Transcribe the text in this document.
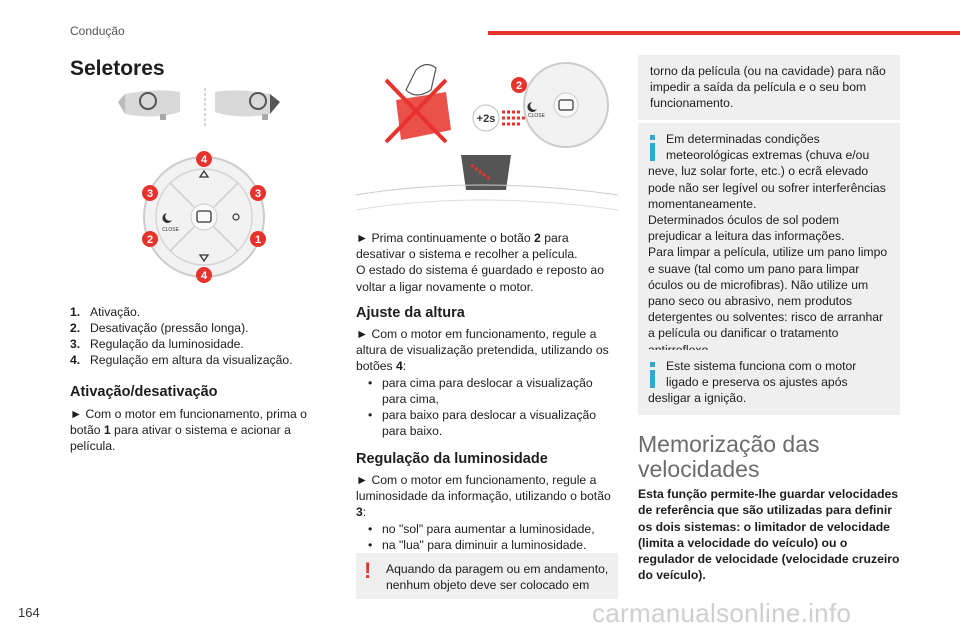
Condução
Seletores
CLOSE
4
3	3
2	1
4
1. Ativação.
2. Desativação (pressão longa).
3. Regulação da luminosidade.
4. Regulação em altura da visualização.
Ativação/desativação
► Com o motor em funcionamento, prima o botão 1 para ativar o sistema e acionar a película.
+2s	CLOSE
2
► Prima continuamente o botão 2 para desativar o sistema e recolher a película.
O estado do sistema é guardado e reposto ao voltar a ligar novamente o motor.
Ajuste da altura
► Com o motor em funcionamento, regule a altura de visualização pretendida, utilizando os botões 4:
• para cima para deslocar a visualização para cima,
• para baixo para deslocar a visualização para baixo.
Regulação da luminosidade
► Com o motor em funcionamento, regule a luminosidade da informação, utilizando o botão 3:
• no "sol" para aumentar a luminosidade,
• na "lua" para diminuir a luminosidade.
!	Aquando da paragem ou em andamento, nenhum objeto deve ser colocado em
torno da película (ou na cavidade) para não impedir a saída da película e o seu bom funcionamento.
Em determinadas condições meteorológicas extremas (chuva e/ou neve, luz solar forte, etc.) o ecrã elevado pode não ser legível ou sofrer interferências momentaneamente.
Determinados óculos de sol podem prejudicar a leitura das informações.
Para limpar a película, utilize um pano limpo e suave (tal como um pano para limpar óculos ou de microfibras). Não utilize um pano seco ou abrasivo, nem produtos detergentes ou solventes: risco de arranhar a película ou danificar o tratamento
Este sistema funciona com o motor ligado e preserva os ajustes após desligar a ignição.
Memorização das velocidades
Esta função permite-lhe guardar velocidades de referência que são utilizadas para definir os dois sistemas: o limitador de velocidade (limita a velocidade do veículo) ou o regulador de velocidade (velocidade cruzeiro do veículo).
164	carmanualsonline.info
